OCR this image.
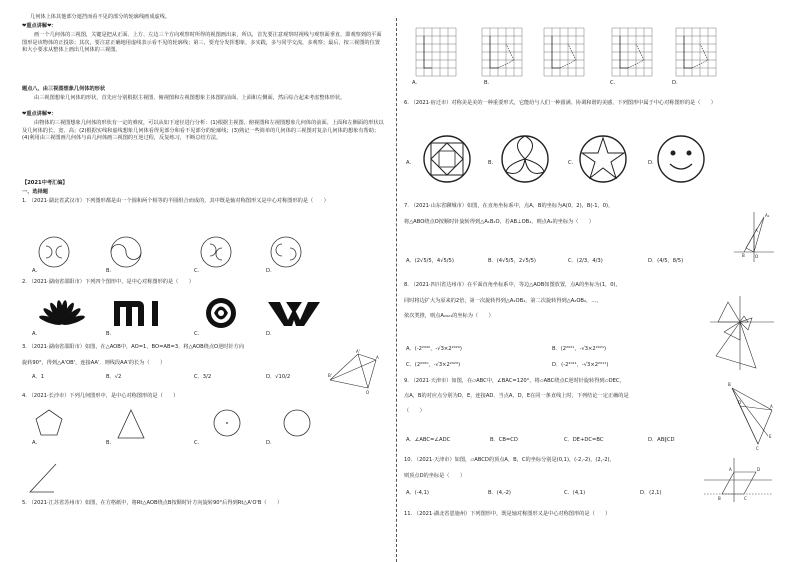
几何体上体其他部分遮挡而看不见的部分的轮廓线画成虚线。

❤重点讲解❤：

画一个几何体的三视图，关键是把从正面、上方、左边三个方向观察时所得的视图画出来，所以，首先要注意观察时视线与观察面垂直，即观察到的平面图形是该物体的正投影；其次，要注意正确地用虚线表示看不见的轮廓线；第三，要充分发挥想象，多实践，多与同学交流，多观察；最后，按三视图的位置和大小要求从整体上画出几何体的三视图。

题点八、由三视图想象几何体的形状

由三视图想象几何体的形状，首先应分别根据主视图、俯视图和左视图想象主体图的前面、上面和左侧面，然后综合起来考虑整体形状。

❤重点讲解❤：

由物体的三视图想象几何体的形状有一定的难度，可以从如下途径进行分析：(1)根据主视图、俯视图和左视图想象几何体的前面、上面和左侧面的形状以及几何体的长、宽、高；(2)根据实线和虚线想象几何体看得见部分和看不见部分的轮廓线；(3)熟记一些简单的几何体的三视图对复杂几何体的想象有帮助；(4)利用由三视图画几何体与由几何体画三视图的互逆过程，反复练习，不断总结方法。

【2021中考汇编】

一、选择题

1. （2021·湖北省武汉市）下列图形都是由一个圆和两个相等的半圆组合而成的，其中既是轴对称图形又是中心对称图形的是（　　）

A.	B.	C.	D.

2. （2021·湖南省邵阳市）下列四个图形中，是中心对称图形的是（　　）

A.	B.	C.	D.

3. （2021·湖南省邵阳市）如图，在△AOB中，AO=1，BO=AB=3．将△AOB绕点O逆时针方向

旋转90°，得到△A'OB'，连接AA'．则线段AA'的长为（　　）

A'
B'
O
A
A．1	B．√2	C．3/2	D．√10/2

4. （2021·长沙市）下列几何图形中，是中心对称图形的是（　　）

A.	B.	C.	D.

5. （2021·江苏省苏州市）如图，在方格纸中，将Rt△AOB绕点B按顺时针方向旋转90°后得到Rt△A'O'B（　　）

A.	B.	C.	D.

6. （2021·宿迁市）对称美是美的一种重要形式，它能给与人们一种圆满、协调和谐的美感，下列图形中属于中心对称图形的是（　　）

A.	B.	C.	D.

7. （2021·山东省聊城市）如图，在直角坐标系中，点A，B的坐标为A(0，2)，B(-1，0)，

将△ABO绕点O按顺时针旋转得到△A₁B₁O，若AB⊥OB₁，则点A₁的坐标为（　　）

A
B	O
A₁
A．(2√5/5，4√5/5)	B．(4√5/5，2√5/5)	C．(2/3，4/3)	D．(4/5，8/5)

8. （2021·四川省达州市）在平面直角坐标系中，等边△AOB如图放置，点A的坐标为(1，0)，

同时将边扩大为原来的2倍，第一次旋转得到△A₁OB₁，第二次旋转得到△A₂OB₂，…，

依次类推，则点A₂₀₂₁的坐标为（　　）

A．(-2²⁰²⁰，-√3×2²⁰²⁰)	B．(2²⁰²¹，-√3×2²⁰²¹)
C．(2²⁰²⁰，-√3×2²⁰²⁰)	D．(-2²⁰¹¹，-√3×2²⁰¹¹)

9. （2021·天津市）如图，在▱ABC中，∠BAC=120°，将▱ABC绕点C逆时针旋转得到▱DEC，

点A，B的对应点分别为D，E，连接AD．当点A，D，E在同一条直线上时，下列结论一定正确的是

（　　）

B
A
C
D
E
A．∠ABC=∠ADC	B．CB=CD	C．DE+DC=BC	D．AB∥CD

10. （2021·天津市）如图，▱ABCD的顶点A，B，C的坐标分别是(0,1)，(-2,-2)，(2,-2)，

则顶点D的坐标是（　　）

A	D
B	C
A．(-4,1)	B．(4,-2)	C．(4,1)	D．(2,1)

11. （2021·湖北省恩施州）下列图形中，既是轴对称图形又是中心对称图形的是（　　）
